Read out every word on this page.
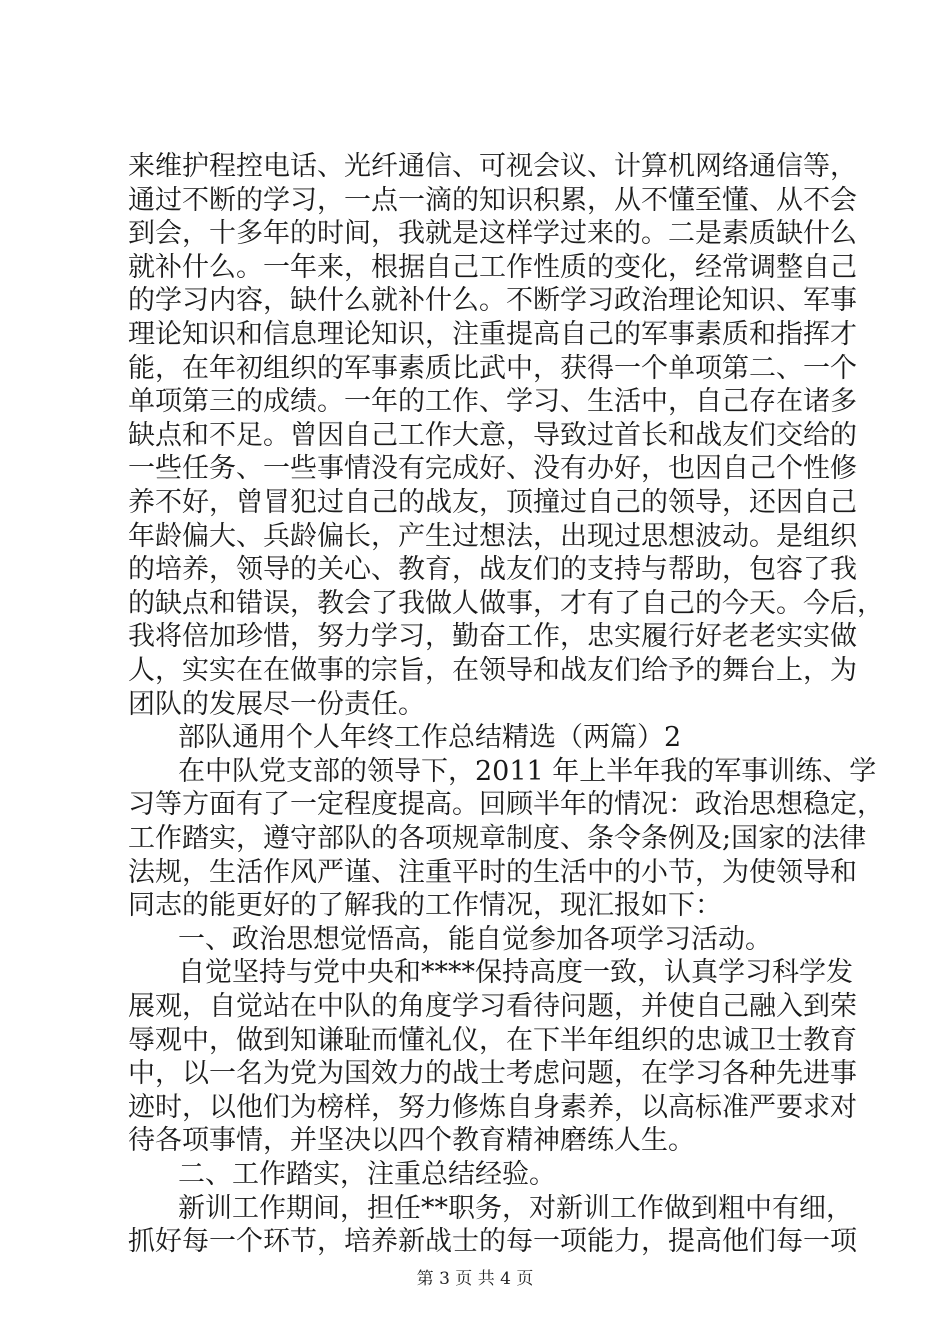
来维护程控电话、光纤通信、可视会议、计算机网络通信等，
通过不断的学习，一点一滴的知识积累，从不懂至懂、从不会
到会，十多年的时间，我就是这样学过来的。二是素质缺什么
就补什么。一年来，根据自己工作性质的变化，经常调整自己
的学习内容，缺什么就补什么。不断学习政治理论知识、军事
理论知识和信息理论知识，注重提高自己的军事素质和指挥才
能，在年初组织的军事素质比武中，获得一个单项第二、一个
单项第三的成绩。一年的工作、学习、生活中，自己存在诸多
缺点和不足。曾因自己工作大意，导致过首长和战友们交给的
一些任务、一些事情没有完成好、没有办好，也因自己个性修
养不好，曾冒犯过自己的战友，顶撞过自己的领导，还因自己
年龄偏大、兵龄偏长，产生过想法，出现过思想波动。是组织
的培养，领导的关心、教育，战友们的支持与帮助，包容了我
的缺点和错误，教会了我做人做事，才有了自己的今天。今后，
我将倍加珍惜，努力学习，勤奋工作，忠实履行好老老实实做
人，实实在在做事的宗旨，在领导和战友们给予的舞台上，为
团队的发展尽一份责任。
部队通用个人年终工作总结精选（两篇）2
在中队党支部的领导下，2011 年上半年我的军事训练、学
习等方面有了一定程度提高。回顾半年的情况：政治思想稳定，
工作踏实，遵守部队的各项规章制度、条令条例及;国家的法律
法规，生活作风严谨、注重平时的生活中的小节，为使领导和
同志的能更好的了解我的工作情况，现汇报如下：
一、政治思想觉悟高，能自觉参加各项学习活动。
自觉坚持与党中央和****保持高度一致，认真学习科学发
展观，自觉站在中队的角度学习看待问题，并使自己融入到荣
辱观中，做到知谦耻而懂礼仪，在下半年组织的忠诚卫士教育
中，以一名为党为国效力的战士考虑问题，在学习各种先进事
迹时，以他们为榜样，努力修炼自身素养，以高标准严要求对
待各项事情，并坚决以四个教育精神磨练人生。
二、工作踏实，注重总结经验。
新训工作期间，担任**职务，对新训工作做到粗中有细，
第 3 页 共 4 页
抓好每一个环节，培养新战士的每一项能力，提高他们每一项
